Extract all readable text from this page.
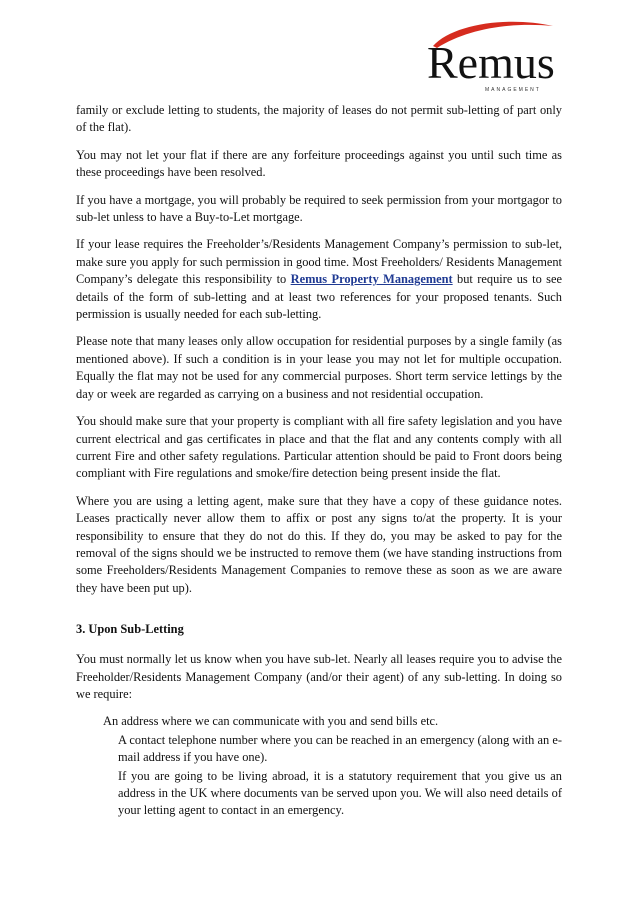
Remus
MANAGEMENT

family or exclude letting to students, the majority of leases do not permit sub-letting of part only of the flat).

You may not let your flat if there are any forfeiture proceedings against you until such time as these proceedings have been resolved.

If you have a mortgage, you will probably be required to seek permission from your mortgagor to sub-let unless to have a Buy-to-Let mortgage.

If your lease requires the Freeholder’s/Residents Management Company’s permission to sub-let, make sure you apply for such permission in good time. Most Freeholders/ Residents Management Company’s delegate this responsibility to Remus Property Management but require us to see details of the form of sub-letting and at least two references for your proposed tenants. Such permission is usually needed for each sub-letting.

Please note that many leases only allow occupation for residential purposes by a single family (as mentioned above). If such a condition is in your lease you may not let for multiple occupation. Equally the flat may not be used for any commercial purposes. Short term service lettings by the day or week are regarded as carrying on a business and not residential occupation.

You should make sure that your property is compliant with all fire safety legislation and you have current electrical and gas certificates in place and that the flat and any contents comply with all current Fire and other safety regulations. Particular attention should be paid to Front doors being compliant with Fire regulations and smoke/fire detection being present inside the flat.

Where you are using a letting agent, make sure that they have a copy of these guidance notes. Leases practically never allow them to affix or post any signs to/at the property. It is your responsibility to ensure that they do not do this. If they do, you may be asked to pay for the removal of the signs should we be instructed to remove them (we have standing instructions from some Freeholders/Residents Management Companies to remove these as soon as we are aware they have been put up).

3. Upon Sub-Letting

You must normally let us know when you have sub-let. Nearly all leases require you to advise the Freeholder/Residents Management Company (and/or their agent) of any sub-letting. In doing so we require:

An address where we can communicate with you and send bills etc.
A contact telephone number where you can be reached in an emergency (along with an e-mail address if you have one).
If you are going to be living abroad, it is a statutory requirement that you give us an address in the UK where documents van be served upon you. We will also need details of your letting agent to contact in an emergency.
